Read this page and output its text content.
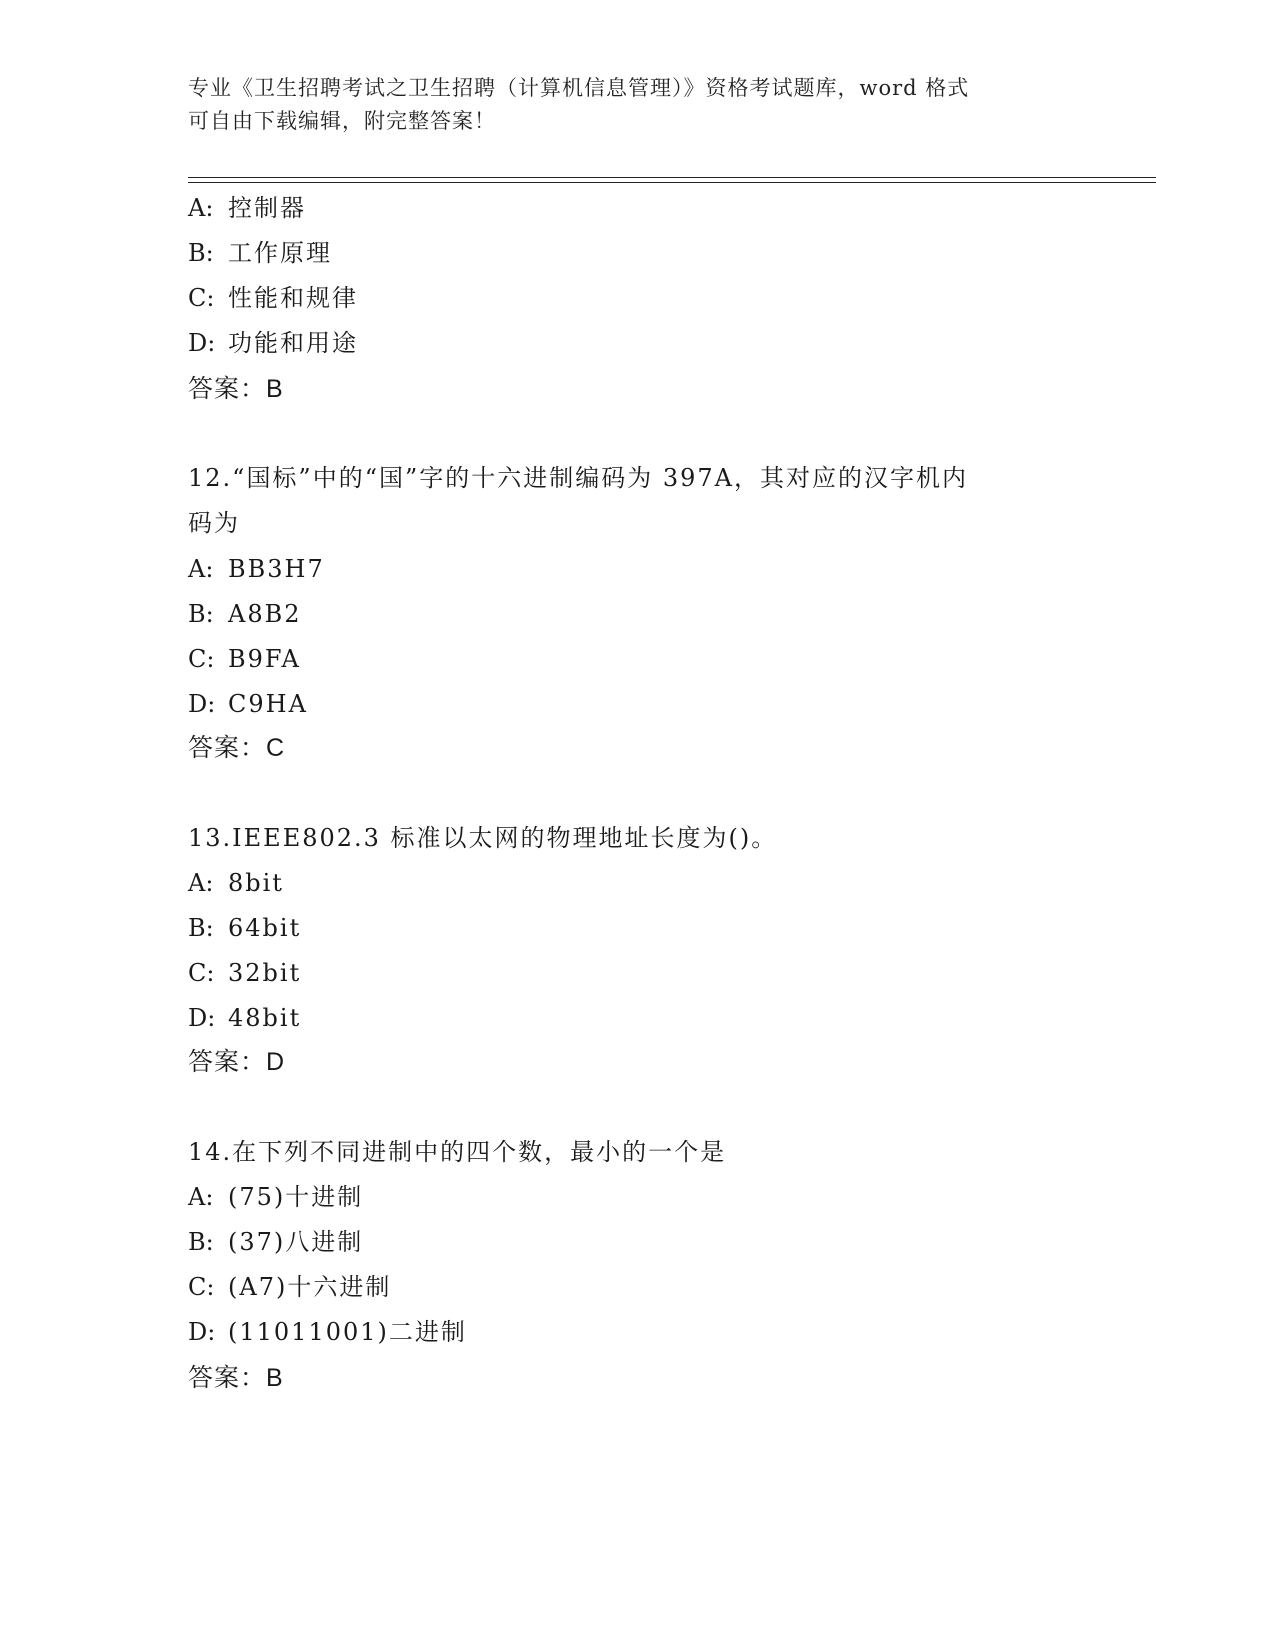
专业《卫生招聘考试之卫生招聘（计算机信息管理）》资格考试题库，word 格式
可自由下载编辑，附完整答案！
A: 控制器
B: 工作原理
C: 性能和规律
D: 功能和用途
答案：B
12.“国标”中的“国”字的十六进制编码为 397A，其对应的汉字机内
码为
A: BB3H7
B: A8B2
C: B9FA
D: C9HA
答案：C
13.IEEE802.3 标准以太网的物理地址长度为()。
A: 8bit
B: 64bit
C: 32bit
D: 48bit
答案：D
14.在下列不同进制中的四个数，最小的一个是
A: (75)十进制
B: (37)八进制
C: (A7)十六进制
D: (11011001)二进制
答案：B
